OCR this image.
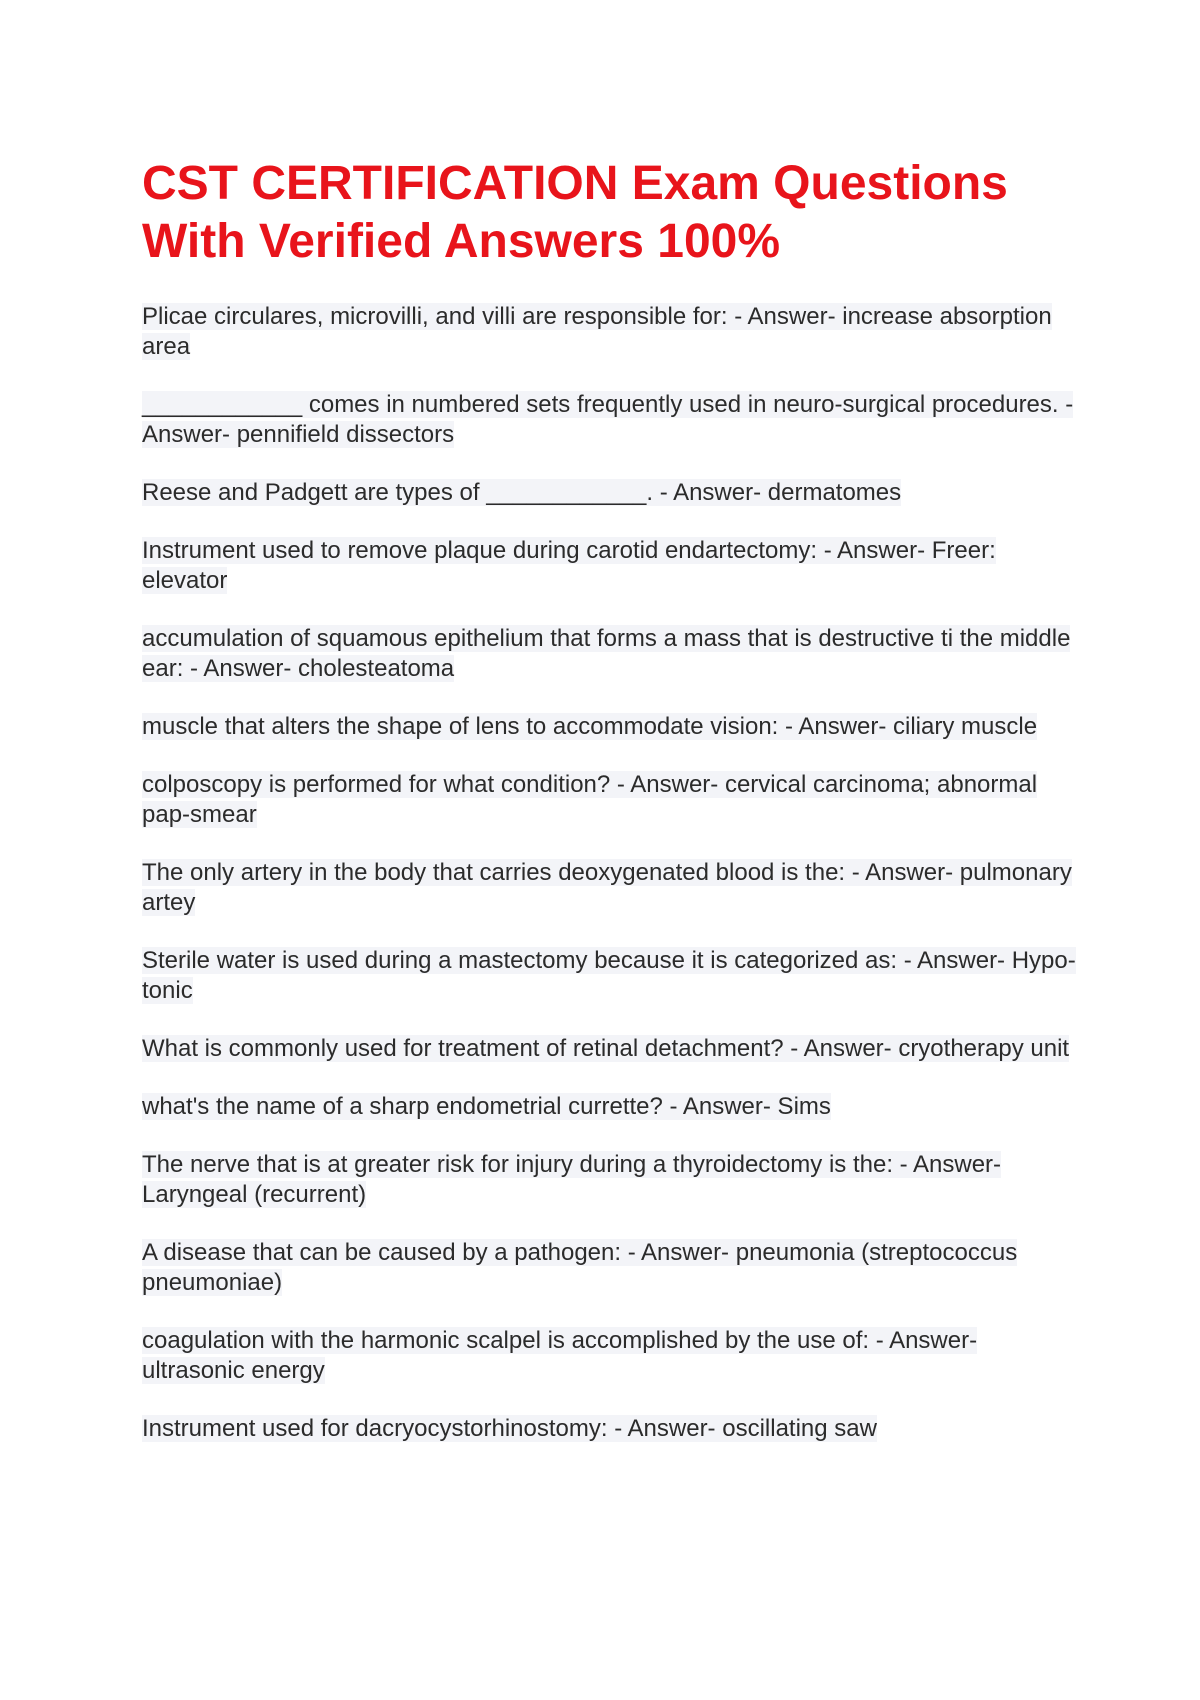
CST CERTIFICATION Exam Questions With Verified Answers 100%
Plicae circulares, microvilli, and villi are responsible for: - Answer- increase absorption area
____________ comes in numbered sets frequently used in neuro-surgical procedures. - Answer- pennifield dissectors
Reese and Padgett are types of ____________. - Answer- dermatomes
Instrument used to remove plaque during carotid endartectomy: - Answer- Freer: elevator
accumulation of squamous epithelium that forms a mass that is destructive ti the middle ear: - Answer- cholesteatoma
muscle that alters the shape of lens to accommodate vision: - Answer- ciliary muscle
colposcopy is performed for what condition? - Answer- cervical carcinoma; abnormal pap-smear
The only artery in the body that carries deoxygenated blood is the: - Answer- pulmonary artey
Sterile water is used during a mastectomy because it is categorized as: - Answer- Hypo-tonic
What is commonly used for treatment of retinal detachment? - Answer- cryotherapy unit
what's the name of a sharp endometrial currette? - Answer- Sims
The nerve that is at greater risk for injury during a thyroidectomy is the: - Answer- Laryngeal (recurrent)
A disease that can be caused by a pathogen: - Answer- pneumonia (streptococcus pneumoniae)
coagulation with the harmonic scalpel is accomplished by the use of: - Answer- ultrasonic energy
Instrument used for dacryocystorhinostomy: - Answer- oscillating saw
